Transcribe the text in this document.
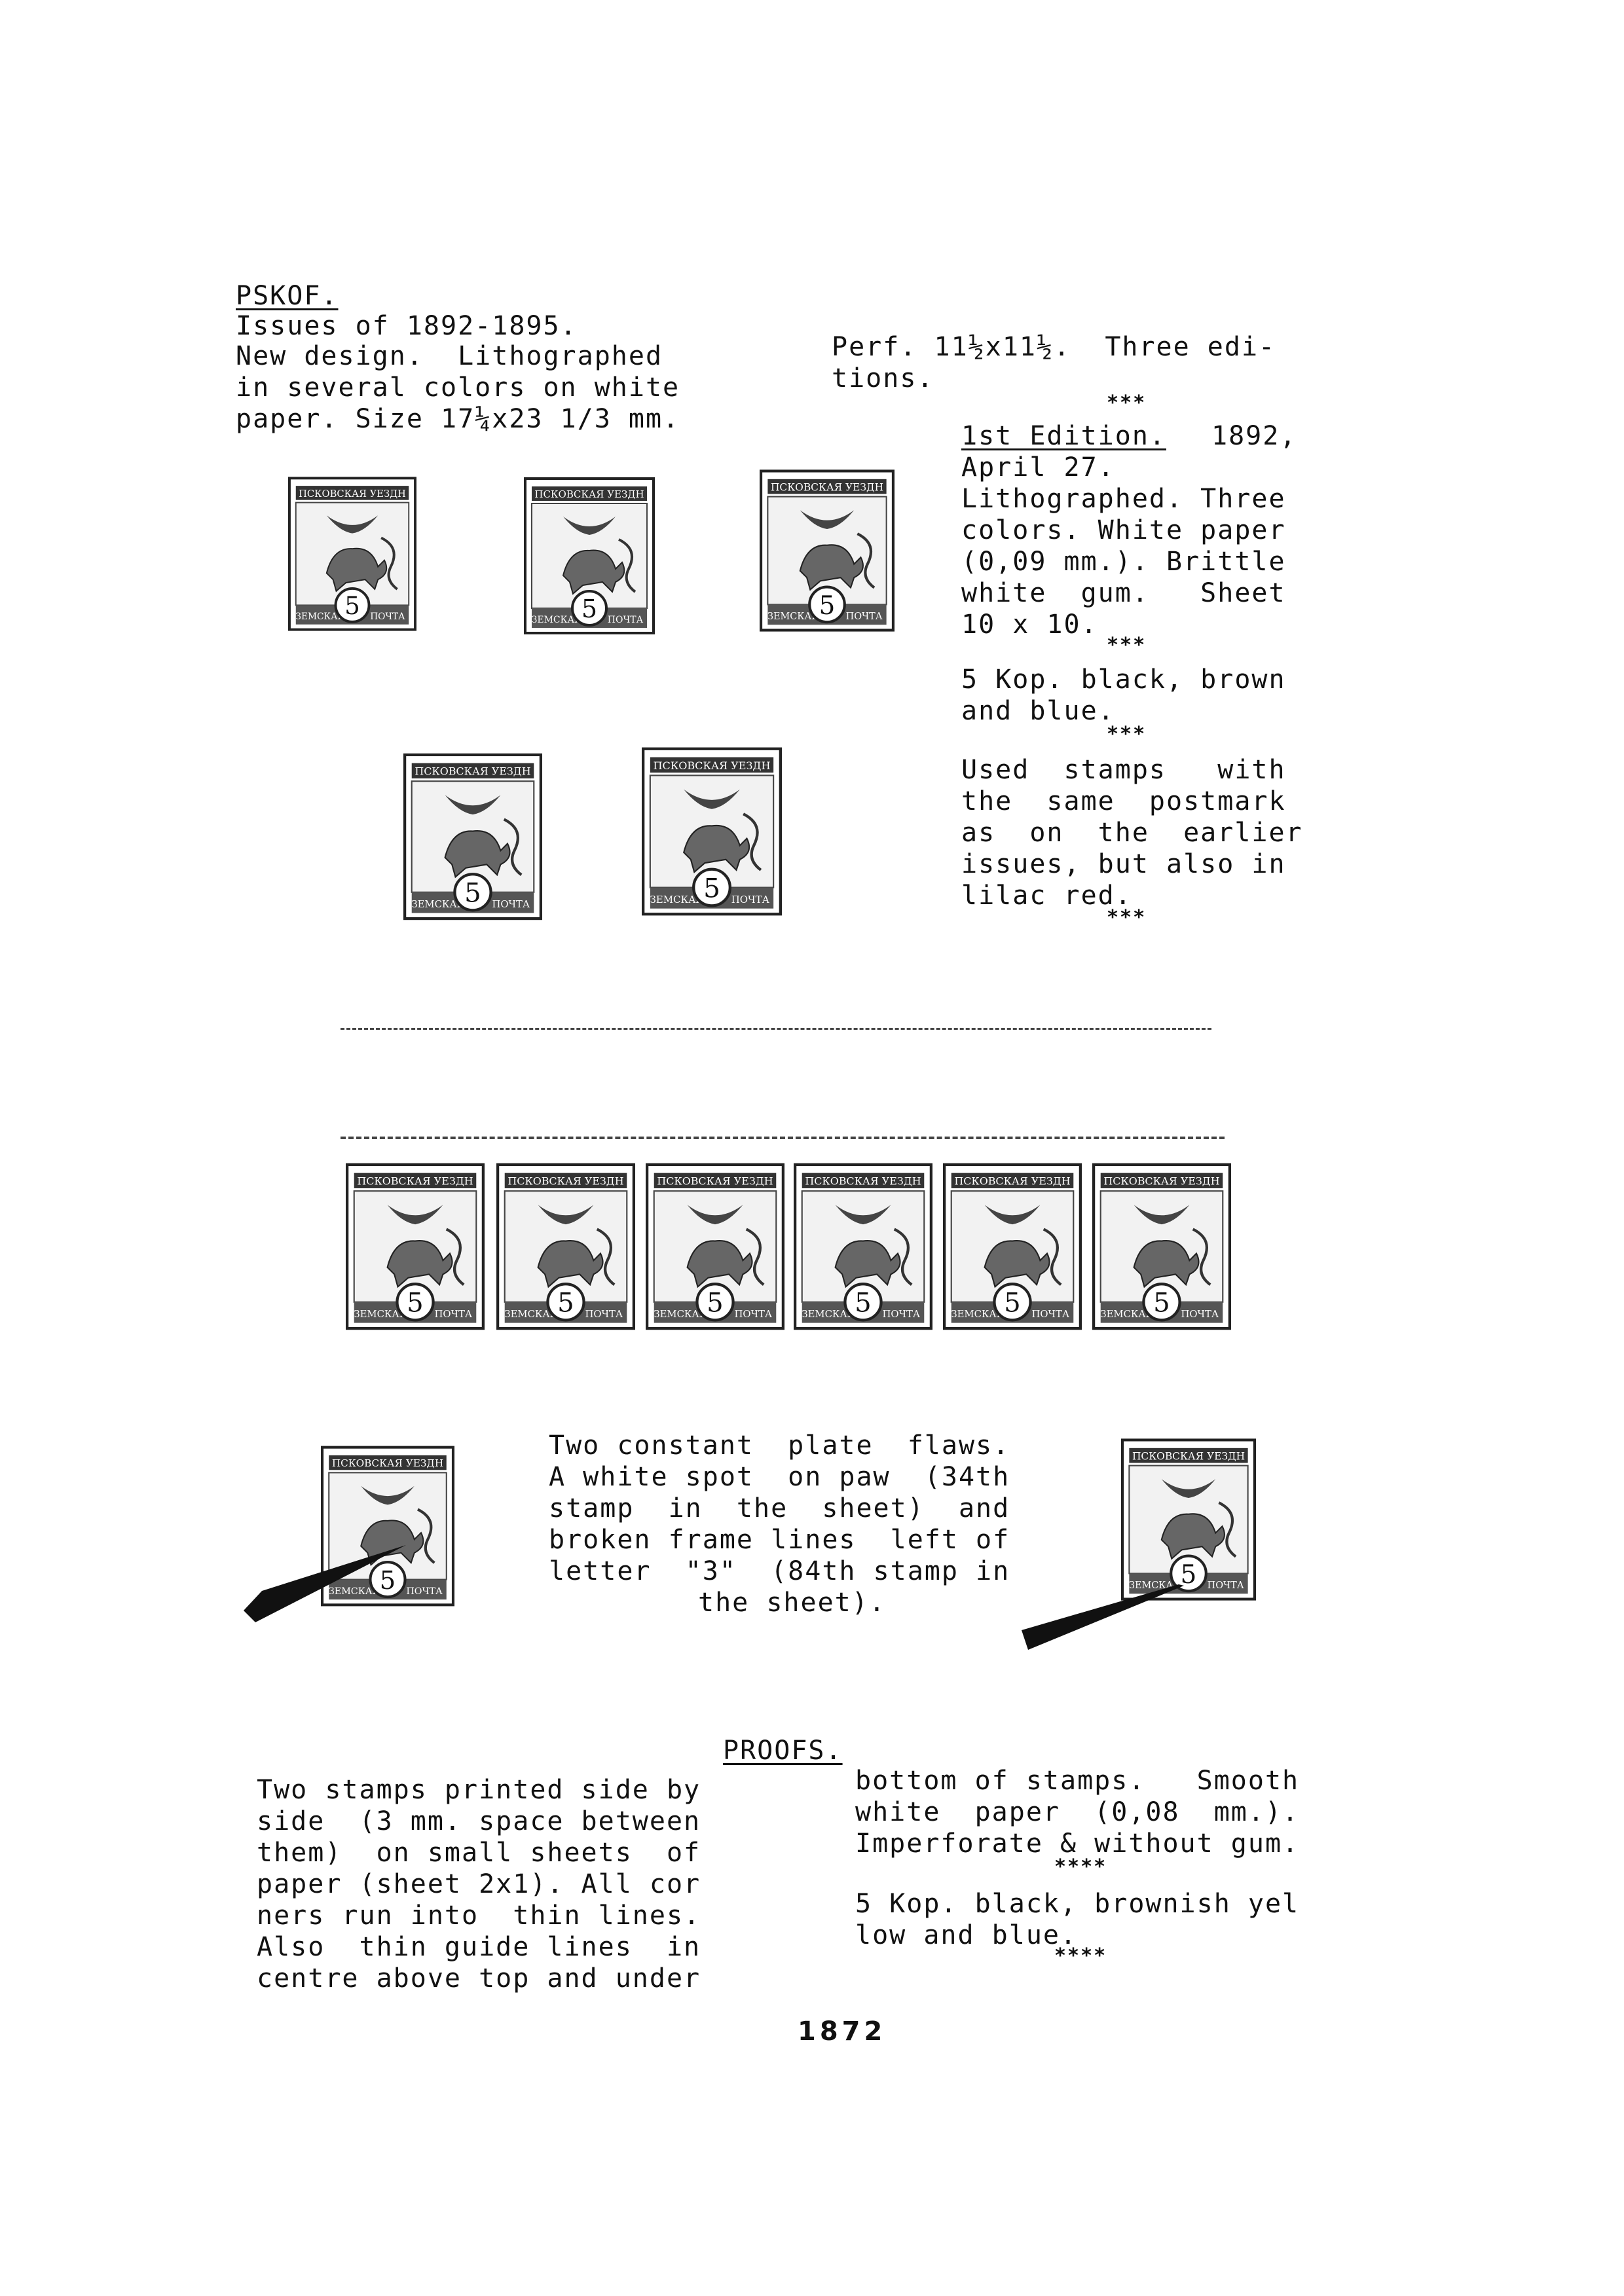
PSKOF.
Issues of 1892-1895.
New design.  Lithographed
in several colors on white
paper. Size 17¼x23 1/3 mm.
Perf. 11½x11½.  Three edi-
tions.
***
1st Edition. 1892,
April 27.
Lithographed. Three
colors. White paper
(0,09 mm.). Brittle
white  gum.   Sheet
10 x 10.
***
5 Kop. black, brown
and blue.
***
Used  stamps   with
the  same  postmark
as  on  the  earlier
issues, but also in
lilac red.
***
Two constant  plate  flaws.
A white spot  on paw  (34th
stamp  in  the  sheet)  and
broken frame lines  left of
letter  "3"  (84th stamp in
the sheet).
PROOFS.
Two stamps printed side by
side  (3 mm. space between
them)  on small sheets  of
paper (sheet 2x1). All cor
ners run into  thin lines.
Also  thin guide lines  in
centre above top and under
bottom of stamps.   Smooth
white  paper  (0,08  mm.).
Imperforate & without gum.
****
5 Kop. black, brownish yel
low and blue.
****
1872
